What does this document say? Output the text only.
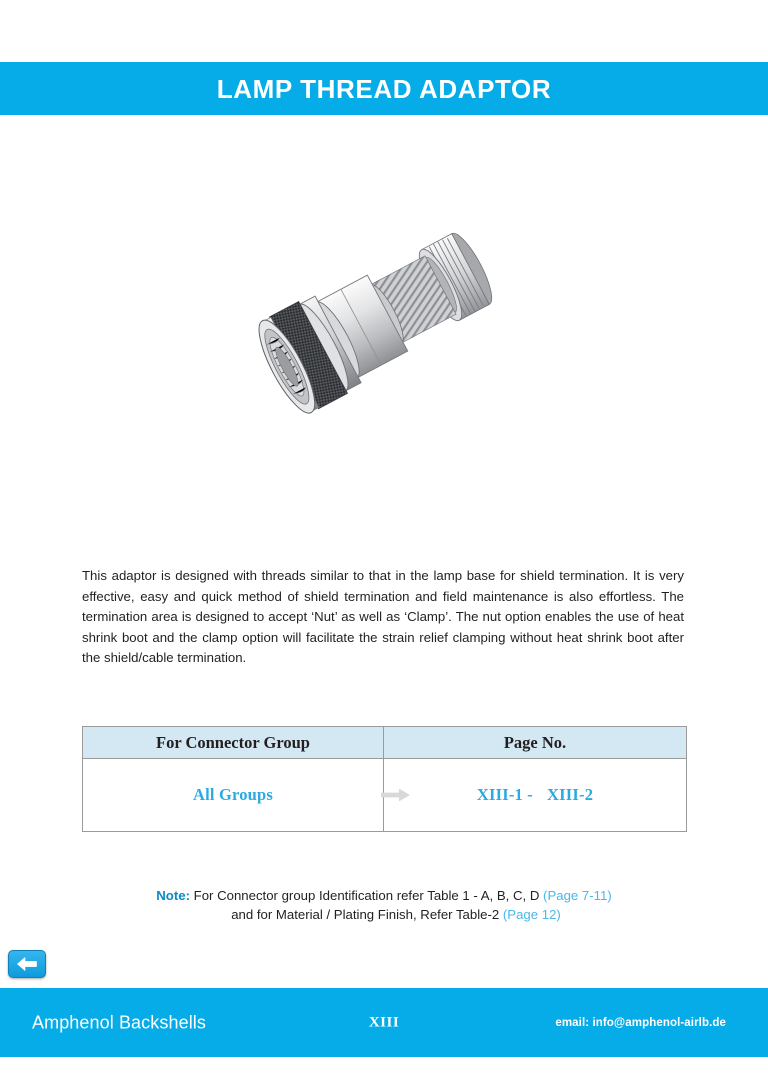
LAMP THREAD ADAPTOR

This adaptor is designed with threads similar to that in the lamp base for shield termination. It is very effective, easy and quick method of shield termination and field maintenance is also effortless. The termination area is designed to accept ‘Nut’ as well as ‘Clamp’. The nut option enables the use of heat shrink boot and the clamp option will facilitate the strain relief clamping without heat shrink boot after the shield/cable termination.

For Connector Group	Page No.

All Groups	XIII-1 - XIII-2
Note: For Connector group Identification refer Table 1 - A, B, C, D (Page 7-11)
and for Material / Plating Finish, Refer Table-2 (Page 12)
Amphenol Backshells	XIII	email: info@amphenol-airlb.de
